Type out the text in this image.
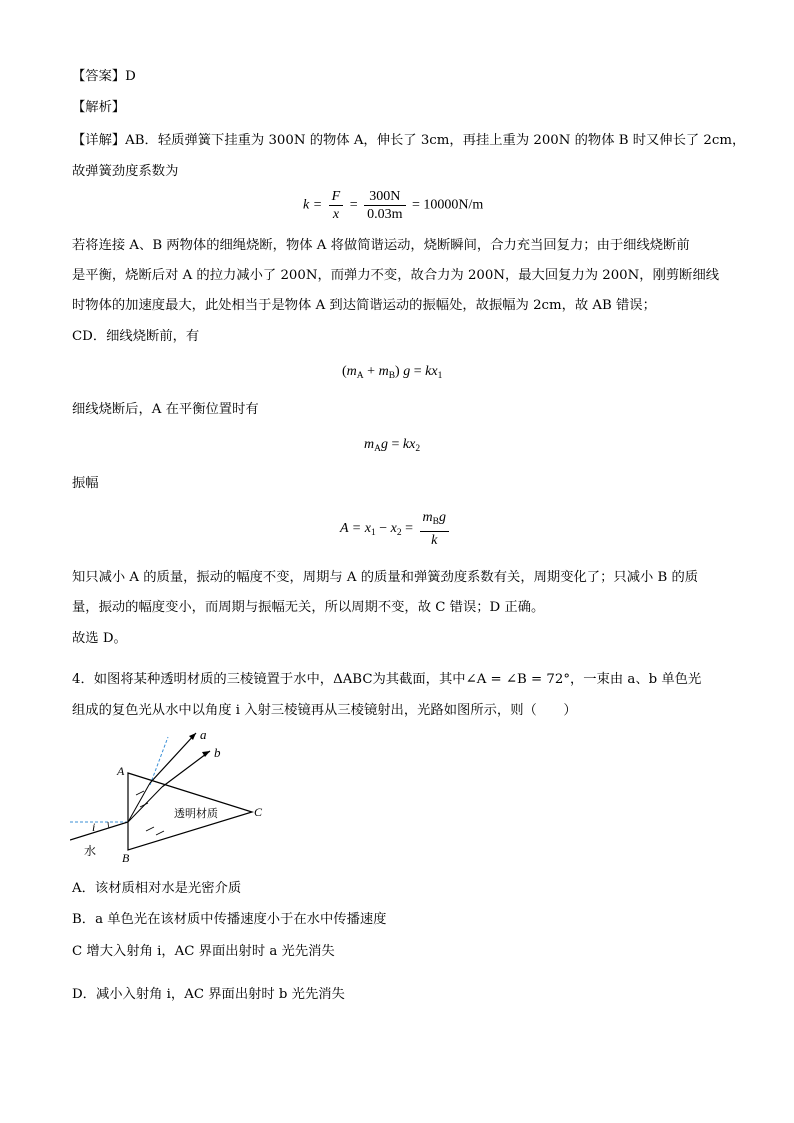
【答案】D
【解析】
【详解】AB．轻质弹簧下挂重为 300N 的物体 A，伸长了 3cm，再挂上重为 200N 的物体 B 时又伸长了 2cm，
故弹簧劲度系数为
$k = \frac{F}{x} = \frac{300N}{0.03m} = 10000N/m$
若将连接 A、B 两物体的细绳烧断，物体 A 将做简谐运动，烧断瞬间，合力充当回复力；由于细线烧断前
是平衡，烧断后对 A 的拉力减小了 200N，而弹力不变，故合力为 200N，最大回复力为 200N，刚剪断细线
时物体的加速度最大，此处相当于是物体 A 到达简谐运动的振幅处，故振幅为 2cm，故 AB 错误；
CD．细线烧断前，有
$(m_A + m_B) g = kx_1$
细线烧断后，A 在平衡位置时有
$m_Ag = kx_2$
振幅
$A = x_1 - x_2 = \frac{m_Bg}{k}$
知只减小 A 的质量，振动的幅度不变，周期与 A 的质量和弹簧劲度系数有关，周期变化了；只减小 B 的质
量，振动的幅度变小，而周期与振幅无关，所以周期不变，故 C 错误；D 正确。
故选 D。
4．如图将某种透明材质的三棱镜置于水中，ΔABC为其截面，其中∠A = ∠B = 72°，一束由 a、b 单色光
组成的复色光从水中以角度 i 入射三棱镜再从三棱镜射出，光路如图所示，则（　　）
a
b
A
B
C
透明材质
i
水
A．该材质相对水是光密介质
B．a 单色光在该材质中传播速度小于在水中传播速度
C 增大入射角 i，AC 界面出射时 a 光先消失
D．减小入射角 i，AC 界面出射时 b 光先消失
